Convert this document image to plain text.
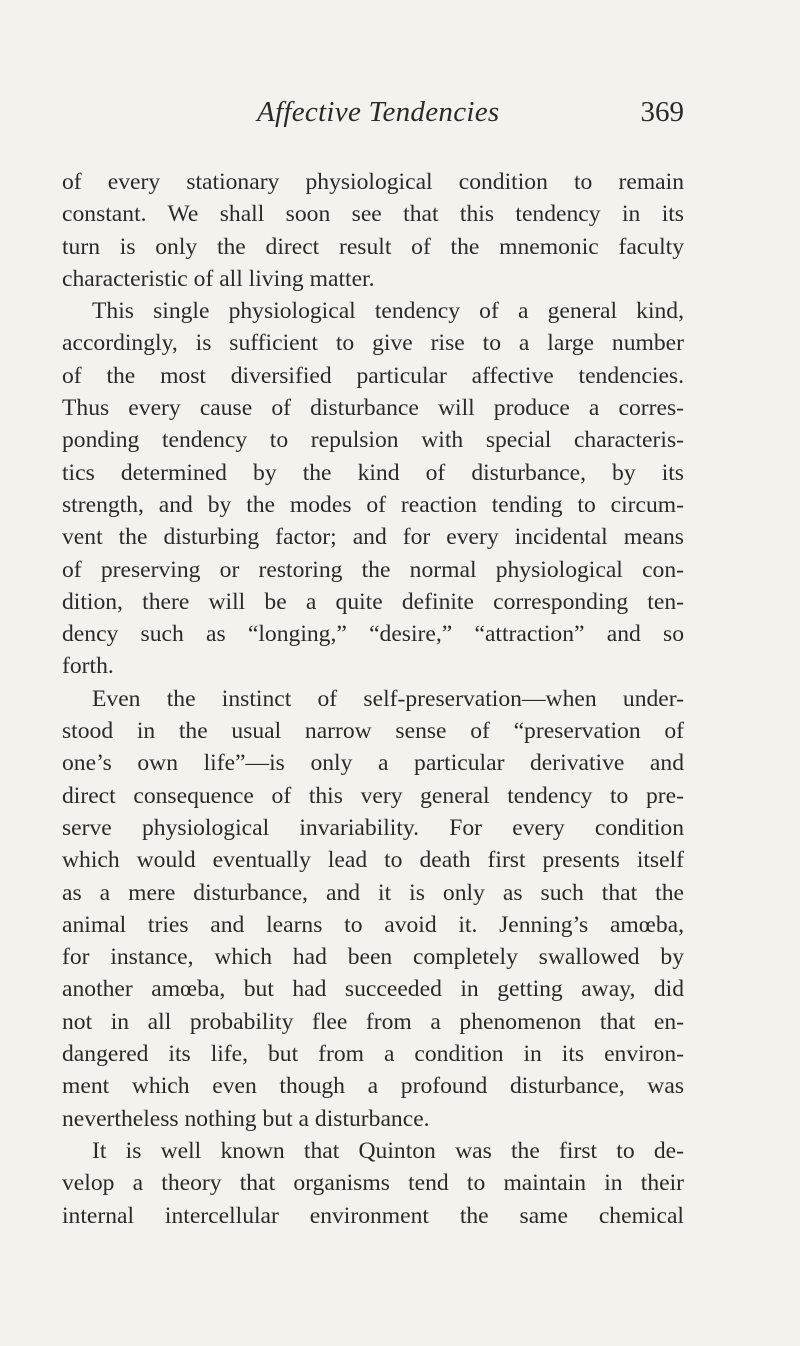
Affective Tendencies	369
of every stationary physiological condition to remain
constant. We shall soon see that this tendency in its
turn is only the direct result of the mnemonic faculty
characteristic of all living matter.
This single physiological tendency of a general kind,
accordingly, is sufficient to give rise to a large number
of the most diversified particular affective tendencies.
Thus every cause of disturbance will produce a corres-
ponding tendency to repulsion with special characteris-
tics determined by the kind of disturbance, by its
strength, and by the modes of reaction tending to circum-
vent the disturbing factor; and for every incidental means
of preserving or restoring the normal physiological con-
dition, there will be a quite definite corresponding ten-
dency such as “longing,” “desire,” “attraction” and so
forth.
Even the instinct of self-preservation—when under-
stood in the usual narrow sense of “preservation of
one’s own life”—is only a particular derivative and
direct consequence of this very general tendency to pre-
serve physiological invariability. For every condition
which would eventually lead to death first presents itself
as a mere disturbance, and it is only as such that the
animal tries and learns to avoid it. Jenning’s amœba,
for instance, which had been completely swallowed by
another amœba, but had succeeded in getting away, did
not in all probability flee from a phenomenon that en-
dangered its life, but from a condition in its environ-
ment which even though a profound disturbance, was
nevertheless nothing but a disturbance.
It is well known that Quinton was the first to de-
velop a theory that organisms tend to maintain in their
internal intercellular environment the same chemical
